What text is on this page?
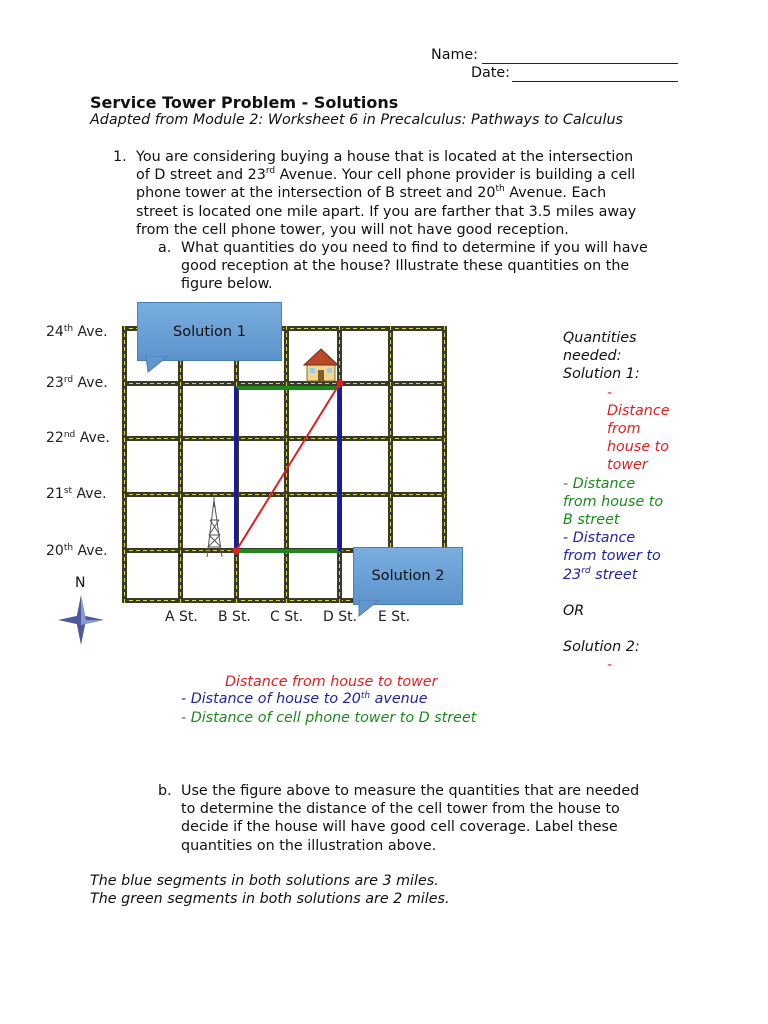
Name:
Date:
Service Tower Problem - Solutions
Adapted from Module 2: Worksheet 6 in Precalculus: Pathways to Calculus
1. You are considering buying a house that is located at the intersection
of D street and 23rd Avenue. Your cell phone provider is building a cell
phone tower at the intersection of B street and 20th Avenue. Each
street is located one mile apart. If you are farther that 3.5 miles away
from the cell phone tower, you will not have good reception.
a. What quantities do you need to find to determine if you will have
good reception at the house? Illustrate these quantities on the
figure below.
24th Ave.
23rd Ave.
22nd Ave.
21st Ave.
20th Ave.
A St. B St. C St. D St. E St.
N
Solution 1
Solution 2
Quantities
needed:
Solution 1:
-
Distance
from
house to
tower
- Distance
from house to
B street
- Distance
from tower to
23rd street
OR
Solution 2:
-
Distance from house to tower
- Distance of house to 20th avenue
- Distance of cell phone tower to D street
b. Use the figure above to measure the quantities that are needed
to determine the distance of the cell tower from the house to
decide if the house will have good cell coverage. Label these
quantities on the illustration above.
The blue segments in both solutions are 3 miles.
The green segments in both solutions are 2 miles.
